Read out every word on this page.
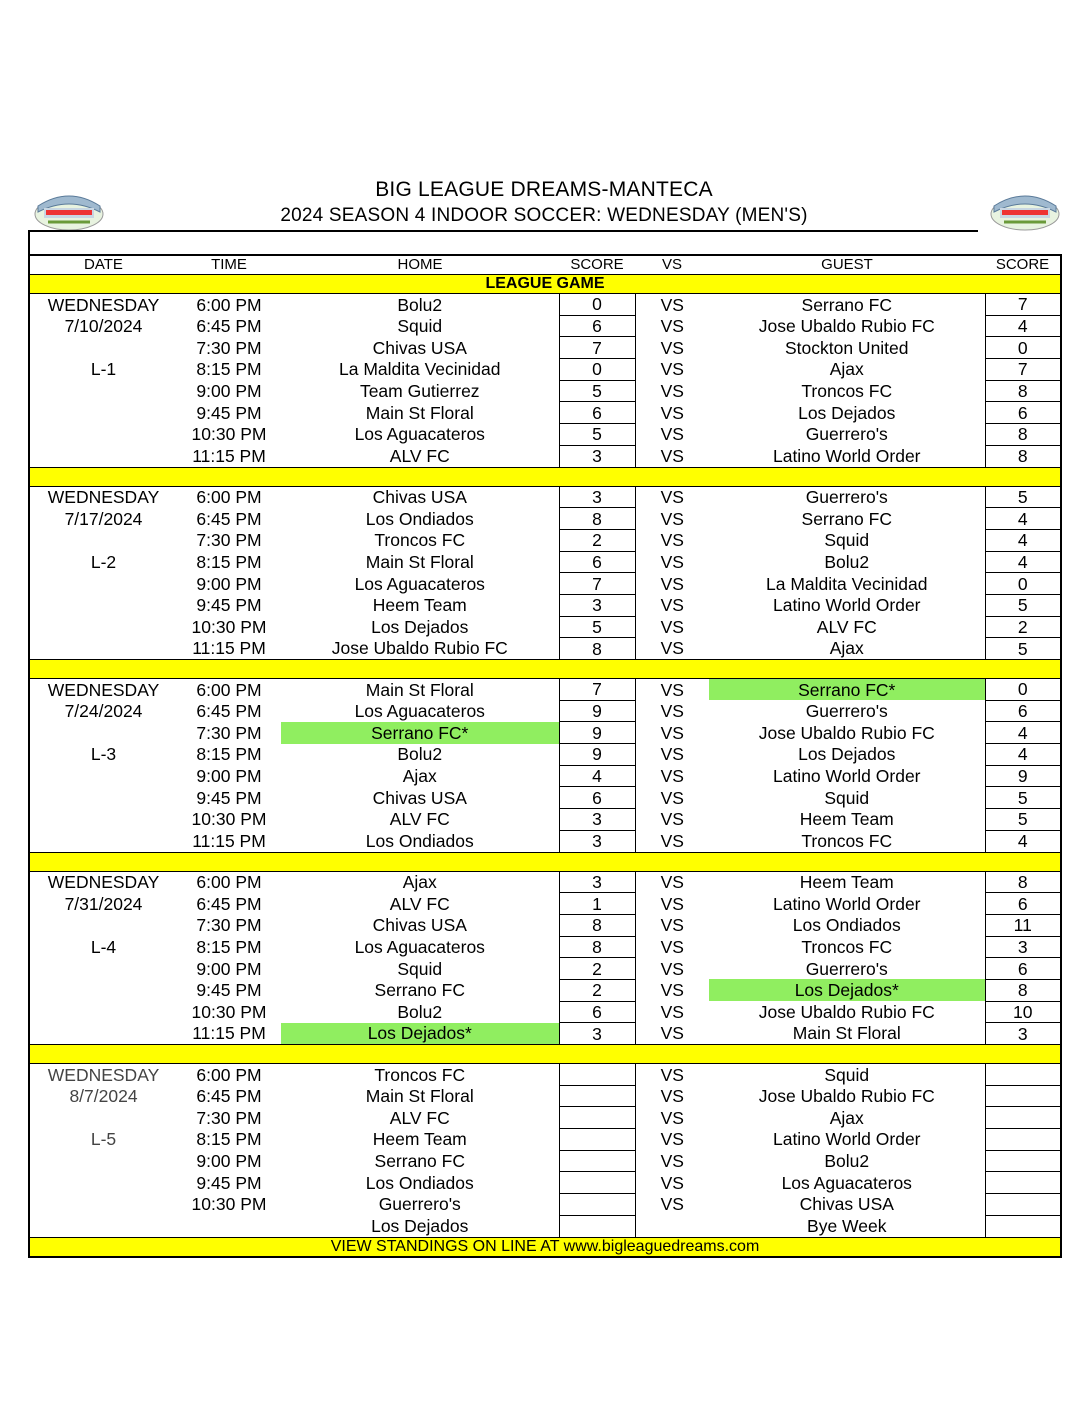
BIG LEAGUE DREAMS-MANTECA
2024 SEASON 4 INDOOR SOCCER: WEDNESDAY (MEN'S)
DATE	TIME	HOME	SCORE	VS	GUEST	SCORE
LEAGUE GAME						
WEDNESDAY	6:00 PM	Bolu2	0	VS	Serrano FC	7
7/10/2024	6:45 PM	Squid	6	VS	Jose Ubaldo Rubio FC	4
	7:30 PM	Chivas USA	7	VS	Stockton United	0
L-1	8:15 PM	La Maldita Vecinidad	0	VS	Ajax	7
	9:00 PM	Team Gutierrez	5	VS	Troncos FC	8
	9:45 PM	Main St Floral	6	VS	Los Dejados	6
	10:30 PM	Los Aguacateros	5	VS	Guerrero's	8
	11:15 PM	ALV FC	3	VS	Latino World Order	8

WEDNESDAY	6:00 PM	Chivas USA	3	VS	Guerrero's	5
7/17/2024	6:45 PM	Los Ondiados	8	VS	Serrano FC	4
	7:30 PM	Troncos FC	2	VS	Squid	4
L-2	8:15 PM	Main St Floral	6	VS	Bolu2	4
	9:00 PM	Los Aguacateros	7	VS	La Maldita Vecinidad	0
	9:45 PM	Heem Team	3	VS	Latino World Order	5
	10:30 PM	Los Dejados	5	VS	ALV FC	2
	11:15 PM	Jose Ubaldo Rubio FC	8	VS	Ajax	5

WEDNESDAY	6:00 PM	Main St Floral	7	VS	Serrano FC*	0
7/24/2024	6:45 PM	Los Aguacateros	9	VS	Guerrero's	6
	7:30 PM	Serrano FC*	9	VS	Jose Ubaldo Rubio FC	4
L-3	8:15 PM	Bolu2	9	VS	Los Dejados	4
	9:00 PM	Ajax	4	VS	Latino World Order	9
	9:45 PM	Chivas USA	6	VS	Squid	5
	10:30 PM	ALV FC	3	VS	Heem Team	5
	11:15 PM	Los Ondiados	3	VS	Troncos FC	4

WEDNESDAY	6:00 PM	Ajax	3	VS	Heem Team	8
7/31/2024	6:45 PM	ALV FC	1	VS	Latino World Order	6
	7:30 PM	Chivas USA	8	VS	Los Ondiados	11
L-4	8:15 PM	Los Aguacateros	8	VS	Troncos FC	3
	9:00 PM	Squid	2	VS	Guerrero's	6
	9:45 PM	Serrano FC	2	VS	Los Dejados*	8
	10:30 PM	Bolu2	6	VS	Jose Ubaldo Rubio FC	10
	11:15 PM	Los Dejados*	3	VS	Main St Floral	3

WEDNESDAY	6:00 PM	Troncos FC		VS	Squid	
8/7/2024	6:45 PM	Main St Floral		VS	Jose Ubaldo Rubio FC	
	7:30 PM	ALV FC		VS	Ajax	
L-5	8:15 PM	Heem Team		VS	Latino World Order	
	9:00 PM	Serrano FC		VS	Bolu2	
	9:45 PM	Los Ondiados		VS	Los Aguacateros	
	10:30 PM	Guerrero's		VS	Chivas USA	
		Los Dejados			Bye Week	
VIEW STANDINGS ON LINE AT www.bigleaguedreams.com						
